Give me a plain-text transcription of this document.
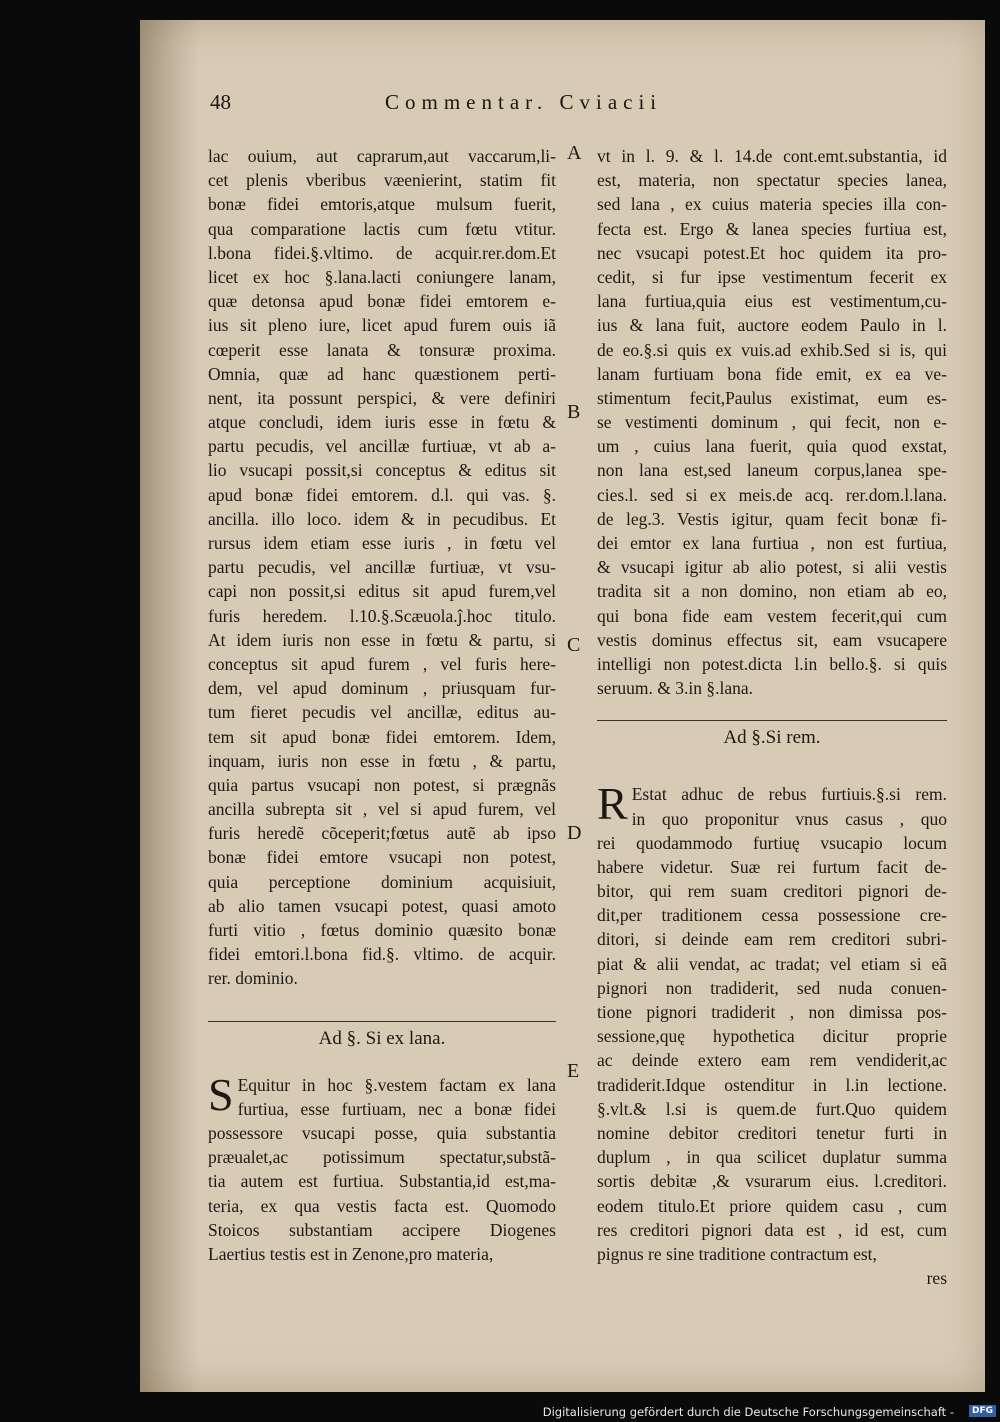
48	Commentar. Cviacii
lac ouium, aut caprarum,aut vaccarum,li-
cet plenis vberibus væenierint, statim fit
bonæ fidei emtoris,atque mulsum fuerit,
qua comparatione lactis cum fœtu vtitur.
l.bona fidei.§.vltimo. de acquir.rer.dom.Et
licet ex hoc §.lana.lacti coniungere lanam,
quæ detonsa apud bonæ fidei emtorem e-
ius sit pleno iure, licet apud furem ouis iã
cœperit esse lanata & tonsuræ proxima.
Omnia, quæ ad hanc quæstionem perti-
nent, ita possunt perspici, & vere definiri
atque concludi, idem iuris esse in fœtu &
partu pecudis, vel ancillæ furtiuæ, vt ab a-
lio vsucapi possit,si conceptus & editus sit
apud bonæ fidei emtorem. d.l. qui vas. §.
ancilla. illo loco. idem & in pecudibus. Et
rursus idem etiam esse iuris , in fœtu vel
partu pecudis, vel ancillæ furtiuæ, vt vsu-
capi non possit,si editus sit apud furem,vel
furis heredem. l.10.§.Scæuola.ĵ.hoc titulo.
At idem iuris non esse in fœtu & partu, si
conceptus sit apud furem , vel furis here-
dem, vel apud dominum , priusquam fur-
tum fieret pecudis vel ancillæ, editus au-
tem sit apud bonæ fidei emtorem. Idem,
inquam, iuris non esse in fœtu , & partu,
quia partus vsucapi non potest, si prægnãs
ancilla subrepta sit , vel si apud furem, vel
furis heredẽ cõceperit;fœtus autẽ ab ipso
bonæ fidei emtore vsucapi non potest,
quia perceptione dominium acquisiuit,
ab alio tamen vsucapi potest, quasi amoto
furti vitio , fœtus dominio quæsito bonæ
fidei emtori.l.bona fid.§. vltimo. de acquir.
rer. dominio.
Ad §. Si ex lana.
S Equitur in hoc §.vestem factam ex lana
furtiua, esse furtiuam, nec a bonæ fidei
possessore vsucapi posse, quia substantia
præualet,ac potissimum spectatur,substã-
tia autem est furtiua. Substantia,id est,ma-
teria, ex qua vestis facta est. Quomodo
Stoicos substantiam accipere Diogenes
Laertius testis est in Zenone,pro materia,
vt in l. 9. & l. 14.de cont.emt.substantia, id
est, materia, non spectatur species lanea,
sed lana , ex cuius materia species illa con-
fecta est. Ergo & lanea species furtiua est,
nec vsucapi potest.Et hoc quidem ita pro-
cedit, si fur ipse vestimentum fecerit ex
lana furtiua,quia eius est vestimentum,cu-
ius & lana fuit, auctore eodem Paulo in l.
de eo.§.si quis ex vuis.ad exhib.Sed si is, qui
lanam furtiuam bona fide emit, ex ea ve-
stimentum fecit,Paulus existimat, eum es-
se vestimenti dominum , qui fecit, non e-
um , cuius lana fuerit, quia quod exstat,
non lana est,sed laneum corpus,lanea spe-
cies.l. sed si ex meis.de acq. rer.dom.l.lana.
de leg.3. Vestis igitur, quam fecit bonæ fi-
dei emtor ex lana furtiua , non est furtiua,
& vsucapi igitur ab alio potest, si alii vestis
tradita sit a non domino, non etiam ab eo,
qui bona fide eam vestem fecerit,qui cum
vestis dominus effectus sit, eam vsucapere
intelligi non potest.dicta l.in bello.§. si quis
seruum. & 3.in §.lana.
Ad §.Si rem.
R Estat adhuc de rebus furtiuis.§.si rem.
in quo proponitur vnus casus , quo
rei quodammodo furtiuę vsucapio locum
habere videtur. Suæ rei furtum facit de-
bitor, qui rem suam creditori pignori de-
dit,per traditionem cessa possessione cre-
ditori, si deinde eam rem creditori subri-
piat & alii vendat, ac tradat; vel etiam si eã
pignori non tradiderit, sed nuda conuen-
tione pignori tradiderit , non dimissa pos-
sessione,quę hypothetica dicitur proprie
ac deinde extero eam rem vendiderit,ac
tradiderit.Idque ostenditur in l.in lectione.
§.vlt.& l.si is quem.de furt.Quo quidem
nomine debitor creditori tenetur furti in
duplum , in qua scilicet duplatur summa
sortis debitæ ,& vsurarum eius. l.creditori.
eodem titulo.Et priore quidem casu , cum
res creditori pignori data est , id est, cum
pignus re sine traditione contractum est,
res
A
B
C
D
E
Digitalisierung gefördert durch die Deutsche Forschungsgemeinschaft -	DFG
